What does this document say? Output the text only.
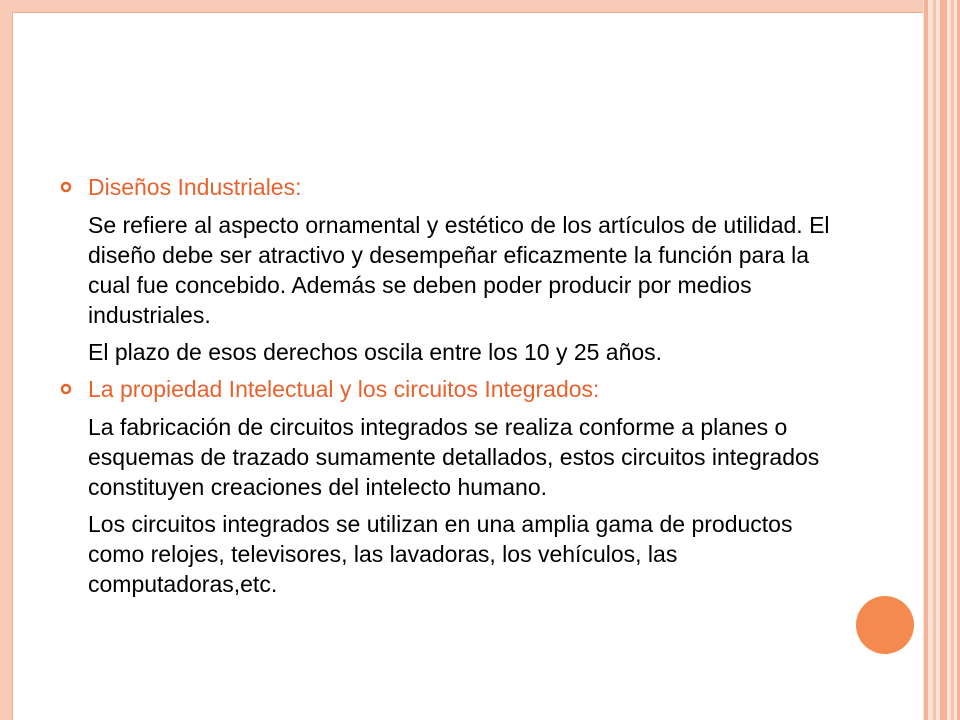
Diseños Industriales:
Se refiere al aspecto ornamental y estético de los artículos de utilidad. El diseño debe ser atractivo y desempeñar eficazmente la función para la cual fue concebido. Además se deben poder producir por medios industriales.
El plazo de esos derechos oscila entre los 10 y 25 años.
La propiedad Intelectual y los circuitos Integrados:
La fabricación de circuitos integrados se realiza conforme a planes o esquemas de trazado sumamente detallados, estos circuitos integrados constituyen creaciones del intelecto humano.
Los circuitos integrados se utilizan en una amplia gama de productos como relojes, televisores, las lavadoras, los vehículos, las computadoras,etc.
